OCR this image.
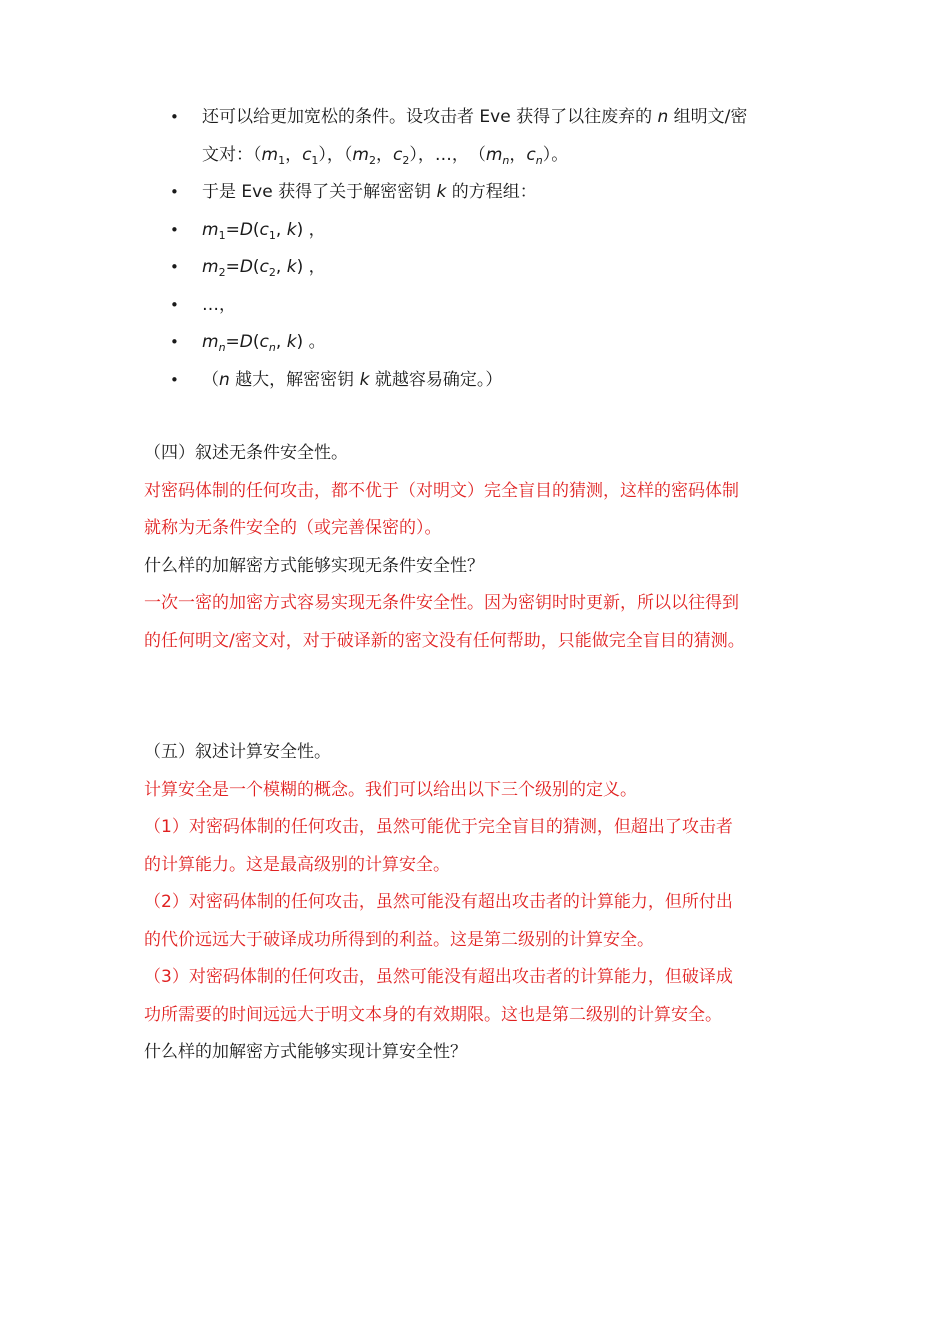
• 还可以给更加宽松的条件。设攻击者 Eve 获得了以往废弃的 n 组明文/密
文对：（$m_1$，$c_1$），（$m_2$，$c_2$），…，　（$m_n$，$c_n$）。
• 于是 Eve 获得了关于解密密钥 k 的方程组：
• $m_1=D(c_1$, k) ，
• $m_2=D(c_2$, k) ，
• …，
• $m_n=D(c_n$, k) 。
• （n 越大，解密密钥 k 就越容易确定。）
（四）叙述无条件安全性。
对密码体制的任何攻击，都不优于（对明文）完全盲目的猜测，这样的密码体制
就称为无条件安全的（或完善保密的）。
什么样的加解密方式能够实现无条件安全性？
一次一密的加密方式容易实现无条件安全性。因为密钥时时更新，所以以往得到
的任何明文/密文对，对于破译新的密文没有任何帮助，只能做完全盲目的猜测。
（五）叙述计算安全性。
计算安全是一个模糊的概念。我们可以给出以下三个级别的定义。
（1）对密码体制的任何攻击，虽然可能优于完全盲目的猜测，但超出了攻击者
的计算能力。这是最高级别的计算安全。
（2）对密码体制的任何攻击，虽然可能没有超出攻击者的计算能力，但所付出
的代价远远大于破译成功所得到的利益。这是第二级别的计算安全。
（3）对密码体制的任何攻击，虽然可能没有超出攻击者的计算能力，但破译成
功所需要的时间远远大于明文本身的有效期限。这也是第二级别的计算安全。
什么样的加解密方式能够实现计算安全性？
